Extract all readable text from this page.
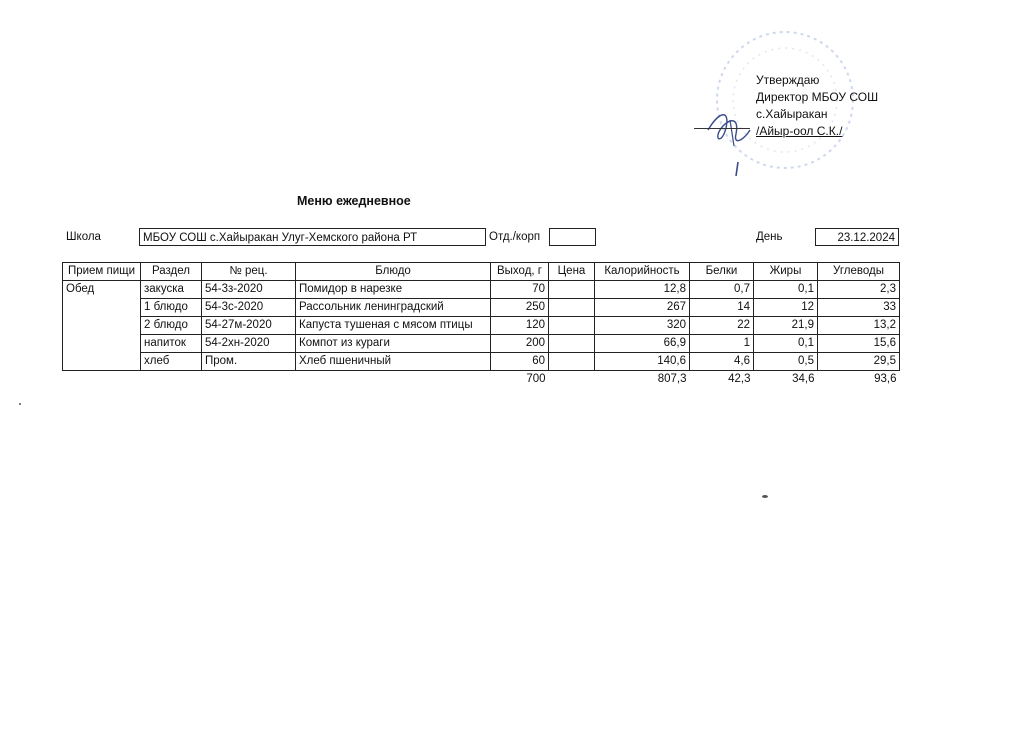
Утверждаю
Директор МБОУ СОШ
с.Хайыракан
/Айыр-оол С.К./
Меню ежедневное
Школа	МБОУ СОШ с.Хайыракан Улуг-Хемского района РТ	Отд./корп	День	23.12.2024
Прием пищи	Раздел	№ рец.	Блюдо	Выход, г	Цена	Калорийность	Белки	Жиры	Углеводы
Обед	закуска	54-3з-2020	Помидор в нарезке	70		12,8	0,7	0,1	2,3
	1 блюдо	54-3с-2020	Рассольник ленинградский	250		267	14	12	33
	2 блюдо	54-27м-2020	Капуста тушеная с мясом птицы	120		320	22	21,9	13,2
	напиток	54-2хн-2020	Компот из кураги	200		66,9	1	0,1	15,6
	хлеб	Пром.	Хлеб пшеничный	60		140,6	4,6	0,5	29,5
				700		807,3	42,3	34,6	93,6
